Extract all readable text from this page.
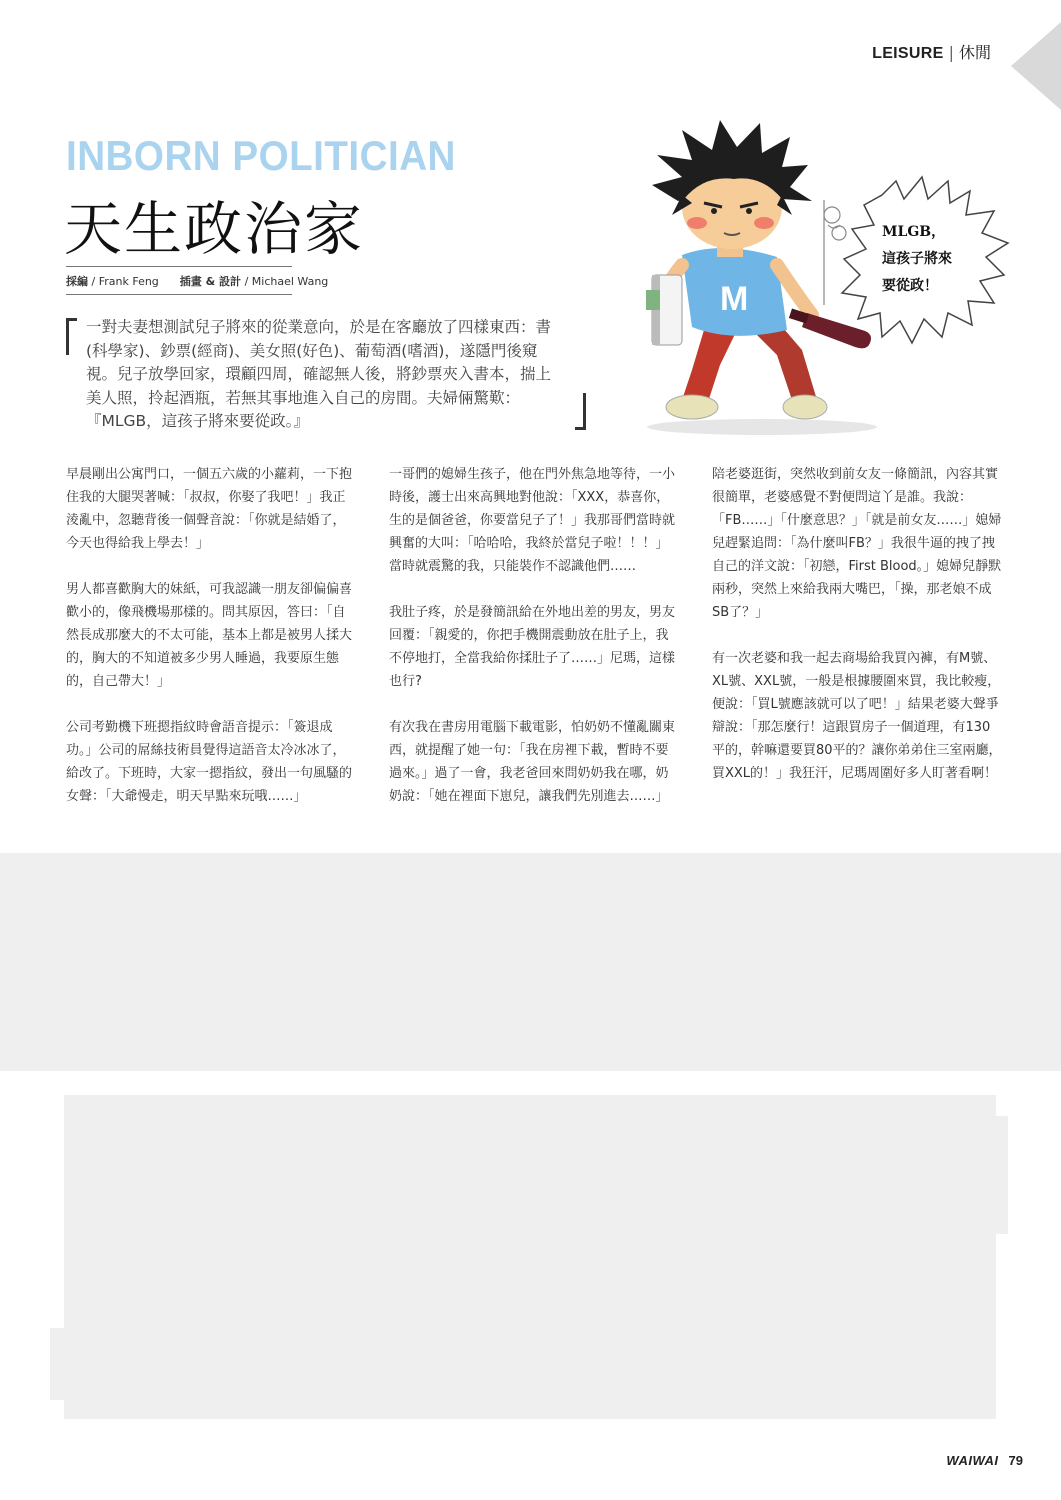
LEISURE | 休閒
INBORN POLITICIAN
天生政治家
採編 / Frank Feng 插畫 & 設計 / Michael Wang
一對夫妻想測試兒子將來的從業意向，於是在客廳放了四樣東西：書(科學家)、鈔票(經商)、美女照(好色)、葡萄酒(嗜酒)，遂隱門後窺視。兒子放學回家，環顧四周，確認無人後，將鈔票夾入書本，揣上美人照，拎起酒瓶，若無其事地進入自己的房間。夫婦倆驚歎：『MLGB，這孩子將來要從政。』
M
MLGB，
這孩子將來
要從政！

早晨剛出公寓門口，一個五六歲的小蘿莉，一下抱住我的大腿哭著喊：「叔叔，你娶了我吧！」我正淩亂中，忽聽背後一個聲音說：「你就是結婚了，今天也得給我上學去！」

男人都喜歡胸大的妹紙，可我認識一朋友卻偏偏喜歡小的，像飛機場那樣的。問其原因，答曰：「自然長成那麼大的不太可能，基本上都是被男人揉大的，胸大的不知道被多少男人睡過，我要原生態的，自己帶大！」

公司考勤機下班摁指紋時會語音提示：「簽退成功。」公司的屌絲技術員覺得這語音太冷冰冰了，給改了。下班時，大家一摁指紋，發出一句風騷的女聲：「大爺慢走，明天早點來玩哦……」

一哥們的媳婦生孩子，他在門外焦急地等待，一小時後，護士出來高興地對他說：「XXX，恭喜你，生的是個爸爸，你要當兒子了！」我那哥們當時就興奮的大叫：「哈哈哈，我終於當兒子啦！！！」當時就震驚的我，只能裝作不認識他們……

我肚子疼，於是發簡訊給在外地出差的男友，男友回覆：「親愛的，你把手機開震動放在肚子上，我不停地打，全當我給你揉肚子了……」尼瑪，這樣也行?

有次我在書房用電腦下載電影，怕奶奶不懂亂關東西，就提醒了她一句：「我在房裡下載，暫時不要過來。」過了一會，我老爸回來問奶奶我在哪，奶奶說：「她在裡面下崽兒，讓我們先別進去……」

陪老婆逛街，突然收到前女友一條簡訊，內容其實很簡單，老婆感覺不對便問這丫是誰。我說：「FB……」「什麼意思？」「就是前女友……」媳婦兒趕緊追問：「為什麼叫FB？」我很牛逼的拽了拽自己的洋文說：「初戀，First Blood。」媳婦兒靜默兩秒，突然上來給我兩大嘴巴，「操，那老娘不成SB了？」

有一次老婆和我一起去商場給我買內褲，有M號、XL號、XXL號，一般是根據腰圍來買，我比較瘦，便說：「買L號應該就可以了吧！」結果老婆大聲爭辯說：「那怎麼行！這跟買房子一個道理，有130平的，幹嘛還要買80平的？讓你弟弟住三室兩廳，買XXL的！」我狂汗，尼瑪周圍好多人盯著看啊！

WAIWAI 79
